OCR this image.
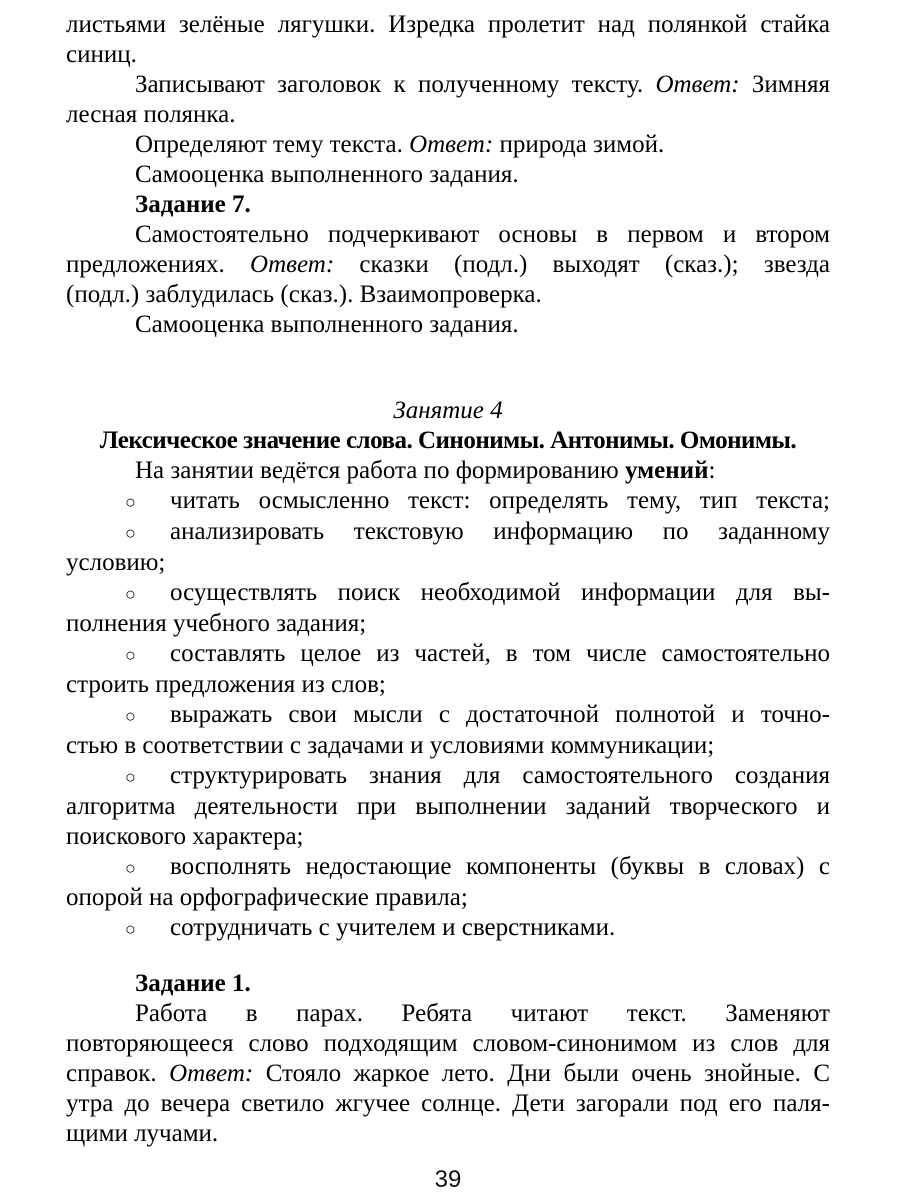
листьями зелёные лягушки. Изредка пролетит над полянкой стайка
синиц.
Записывают заголовок к полученному тексту. Ответ: Зимняя
лесная полянка.
Определяют тему текста. Ответ: природа зимой.
Самооценка выполненного задания.
Задание 7.
Самостоятельно подчеркивают основы в первом и втором
предложениях. Ответ: сказки (подл.) выходят (сказ.); звезда
(подл.) заблудилась (сказ.). Взаимопроверка.
Самооценка выполненного задания.
Занятие 4
Лексическое значение слова. Синонимы. Антонимы. Омонимы.
На занятии ведётся работа по формированию умений:
○ читать осмысленно текст: определять тему, тип текста;
○ анализировать текстовую информацию по заданному
условию;
○ осуществлять поиск необходимой информации для вы-
полнения учебного задания;
○ составлять целое из частей, в том числе самостоятельно
строить предложения из слов;
○ выражать свои мысли с достаточной полнотой и точно-
стью в соответствии с задачами и условиями коммуникации;
○ структурировать знания для самостоятельного создания
алгоритма деятельности при выполнении заданий творческого и
поискового характера;
○ восполнять недостающие компоненты (буквы в словах) с
опорой на орфографические правила;
○ сотрудничать с учителем и сверстниками.
Задание 1.
Работа в парах. Ребята читают текст. Заменяют
повторяющееся слово подходящим словом-синонимом из слов для
справок. Ответ: Стояло жаркое лето. Дни были очень знойные. С
утра до вечера светило жгучее солнце. Дети загорали под его паля-
щими лучами.
39
